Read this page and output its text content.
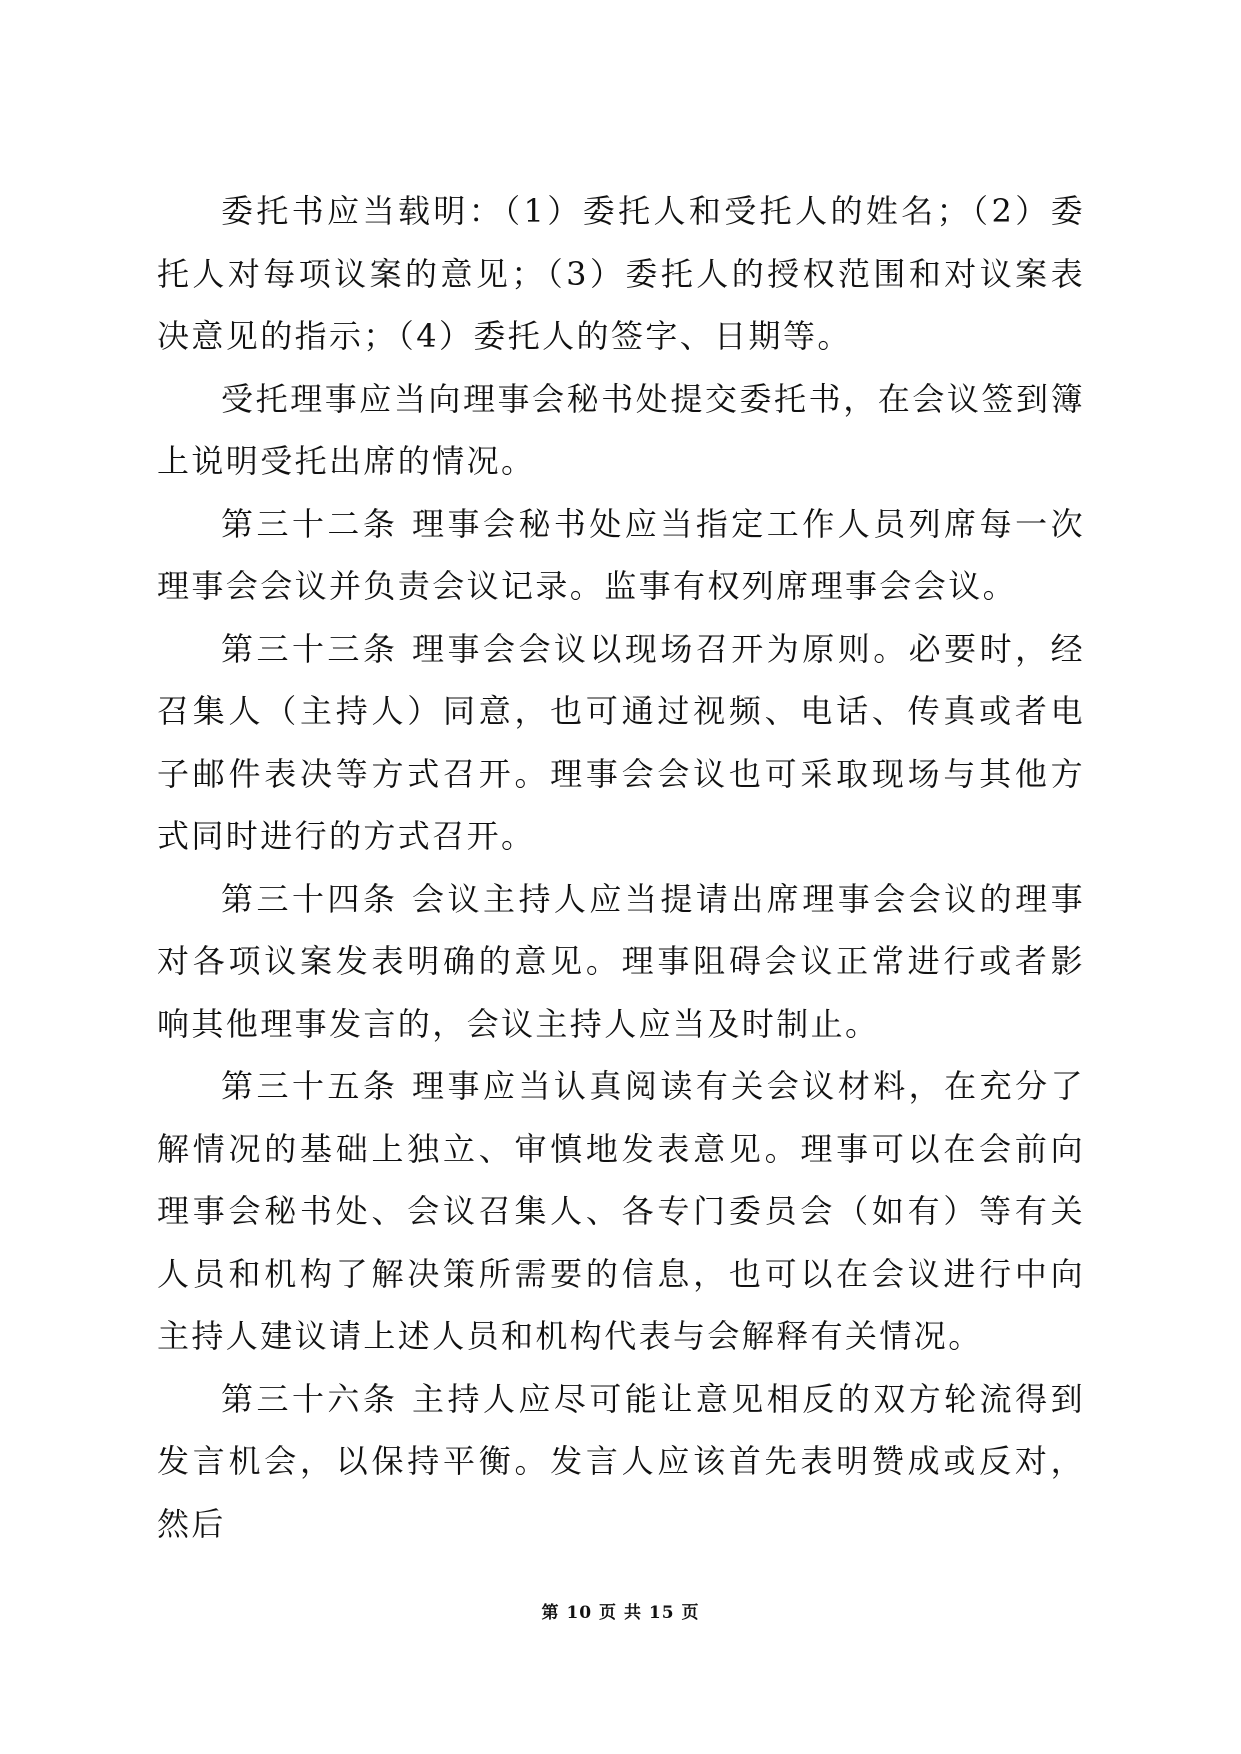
委托书应当载明：（1）委托人和受托人的姓名；（2）委托人对每项议案的意见；（3）委托人的授权范围和对议案表决意见的指示；（4）委托人的签字、日期等。

受托理事应当向理事会秘书处提交委托书，在会议签到簿上说明受托出席的情况。

第三十二条 理事会秘书处应当指定工作人员列席每一次理事会会议并负责会议记录。监事有权列席理事会会议。

第三十三条 理事会会议以现场召开为原则。必要时，经召集人（主持人）同意，也可通过视频、电话、传真或者电子邮件表决等方式召开。理事会会议也可采取现场与其他方式同时进行的方式召开。

第三十四条 会议主持人应当提请出席理事会会议的理事对各项议案发表明确的意见。理事阻碍会议正常进行或者影响其他理事发言的，会议主持人应当及时制止。

第三十五条 理事应当认真阅读有关会议材料，在充分了解情况的基础上独立、审慎地发表意见。理事可以在会前向理事会秘书处、会议召集人、各专门委员会（如有）等有关人员和机构了解决策所需要的信息，也可以在会议进行中向主持人建议请上述人员和机构代表与会解释有关情况。

第三十六条 主持人应尽可能让意见相反的双方轮流得到发言机会，以保持平衡。发言人应该首先表明赞成或反对，然后

第 10 页 共 15 页
